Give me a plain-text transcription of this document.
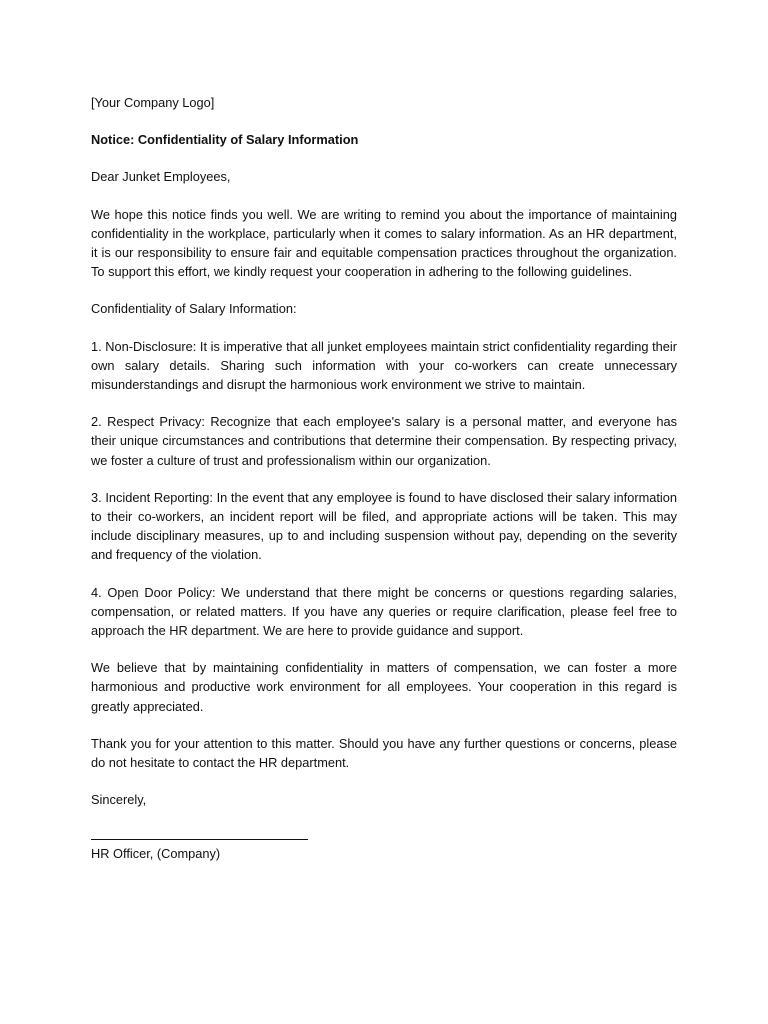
[Your Company Logo]
Notice: Confidentiality of Salary Information
Dear Junket Employees,
We hope this notice finds you well. We are writing to remind you about the importance of maintaining confidentiality in the workplace, particularly when it comes to salary information. As an HR department, it is our responsibility to ensure fair and equitable compensation practices throughout the organization. To support this effort, we kindly request your cooperation in adhering to the following guidelines.
Confidentiality of Salary Information:
1. Non-Disclosure: It is imperative that all junket employees maintain strict confidentiality regarding their own salary details. Sharing such information with your co-workers can create unnecessary misunderstandings and disrupt the harmonious work environment we strive to maintain.
2. Respect Privacy: Recognize that each employee's salary is a personal matter, and everyone has their unique circumstances and contributions that determine their compensation. By respecting privacy, we foster a culture of trust and professionalism within our organization.
3. Incident Reporting: In the event that any employee is found to have disclosed their salary information to their co-workers, an incident report will be filed, and appropriate actions will be taken. This may include disciplinary measures, up to and including suspension without pay, depending on the severity and frequency of the violation.
4. Open Door Policy: We understand that there might be concerns or questions regarding salaries, compensation, or related matters. If you have any queries or require clarification, please feel free to approach the HR department. We are here to provide guidance and support.
We believe that by maintaining confidentiality in matters of compensation, we can foster a more harmonious and productive work environment for all employees. Your cooperation in this regard is greatly appreciated.
Thank you for your attention to this matter. Should you have any further questions or concerns, please do not hesitate to contact the HR department.
Sincerely,
HR Officer, (Company)
